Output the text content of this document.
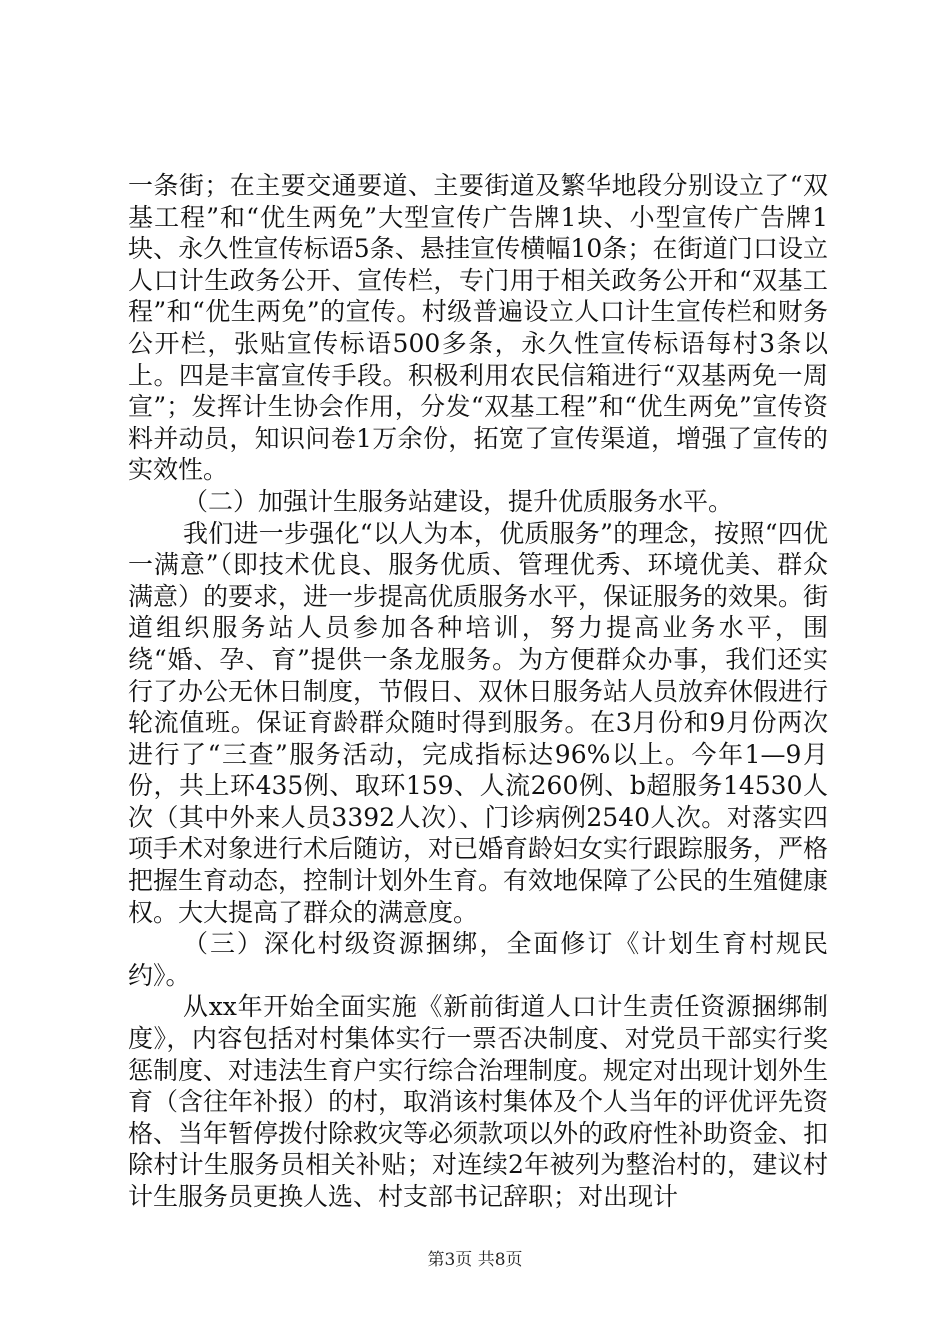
一条街；在主要交通要道、主要街道及繁华地段分别设立了“双基工程”和“优生两免”大型宣传广告牌1块、小型宣传广告牌1块、永久性宣传标语5条、悬挂宣传横幅10条；在街道门口设立人口计生政务公开、宣传栏，专门用于相关政务公开和“双基工程”和“优生两免”的宣传。村级普遍设立人口计生宣传栏和财务公开栏，张贴宣传标语500多条，永久性宣传标语每村3条以上。四是丰富宣传手段。积极利用农民信箱进行“双基两免一周宣”；发挥计生协会作用，分发“双基工程”和“优生两免”宣传资料并动员，知识问卷1万余份，拓宽了宣传渠道，增强了宣传的实效性。

（二）加强计生服务站建设，提升优质服务水平。

我们进一步强化“以人为本，优质服务”的理念，按照“四优一满意”（即技术优良、服务优质、管理优秀、环境优美、群众满意）的要求，进一步提高优质服务水平，保证服务的效果。街道组织服务站人员参加各种培训，努力提高业务水平，围绕“婚、孕、育”提供一条龙服务。为方便群众办事，我们还实行了办公无休日制度，节假日、双休日服务站人员放弃休假进行轮流值班。保证育龄群众随时得到服务。在3月份和9月份两次进行了“三查”服务活动，完成指标达96%以上。今年1—9月份，共上环435例、取环159、人流260例、b超服务14530人次（其中外来人员3392人次）、门诊病例2540人次。对落实四项手术对象进行术后随访，对已婚育龄妇女实行跟踪服务，严格把握生育动态，控制计划外生育。有效地保障了公民的生殖健康权。大大提高了群众的满意度。

（三）深化村级资源捆绑，全面修订《计划生育村规民约》。

从xx年开始全面实施《新前街道人口计生责任资源捆绑制度》，内容包括对村集体实行一票否决制度、对党员干部实行奖惩制度、对违法生育户实行综合治理制度。规定对出现计划外生育（含往年补报）的村，取消该村集体及个人当年的评优评先资格、当年暂停拨付除救灾等必须款项以外的政府性补助资金、扣除村计生服务员相关补贴；对连续2年被列为整治村的，建议村计生服务员更换人选、村支部书记辞职；对出现计

第3页 共8页
